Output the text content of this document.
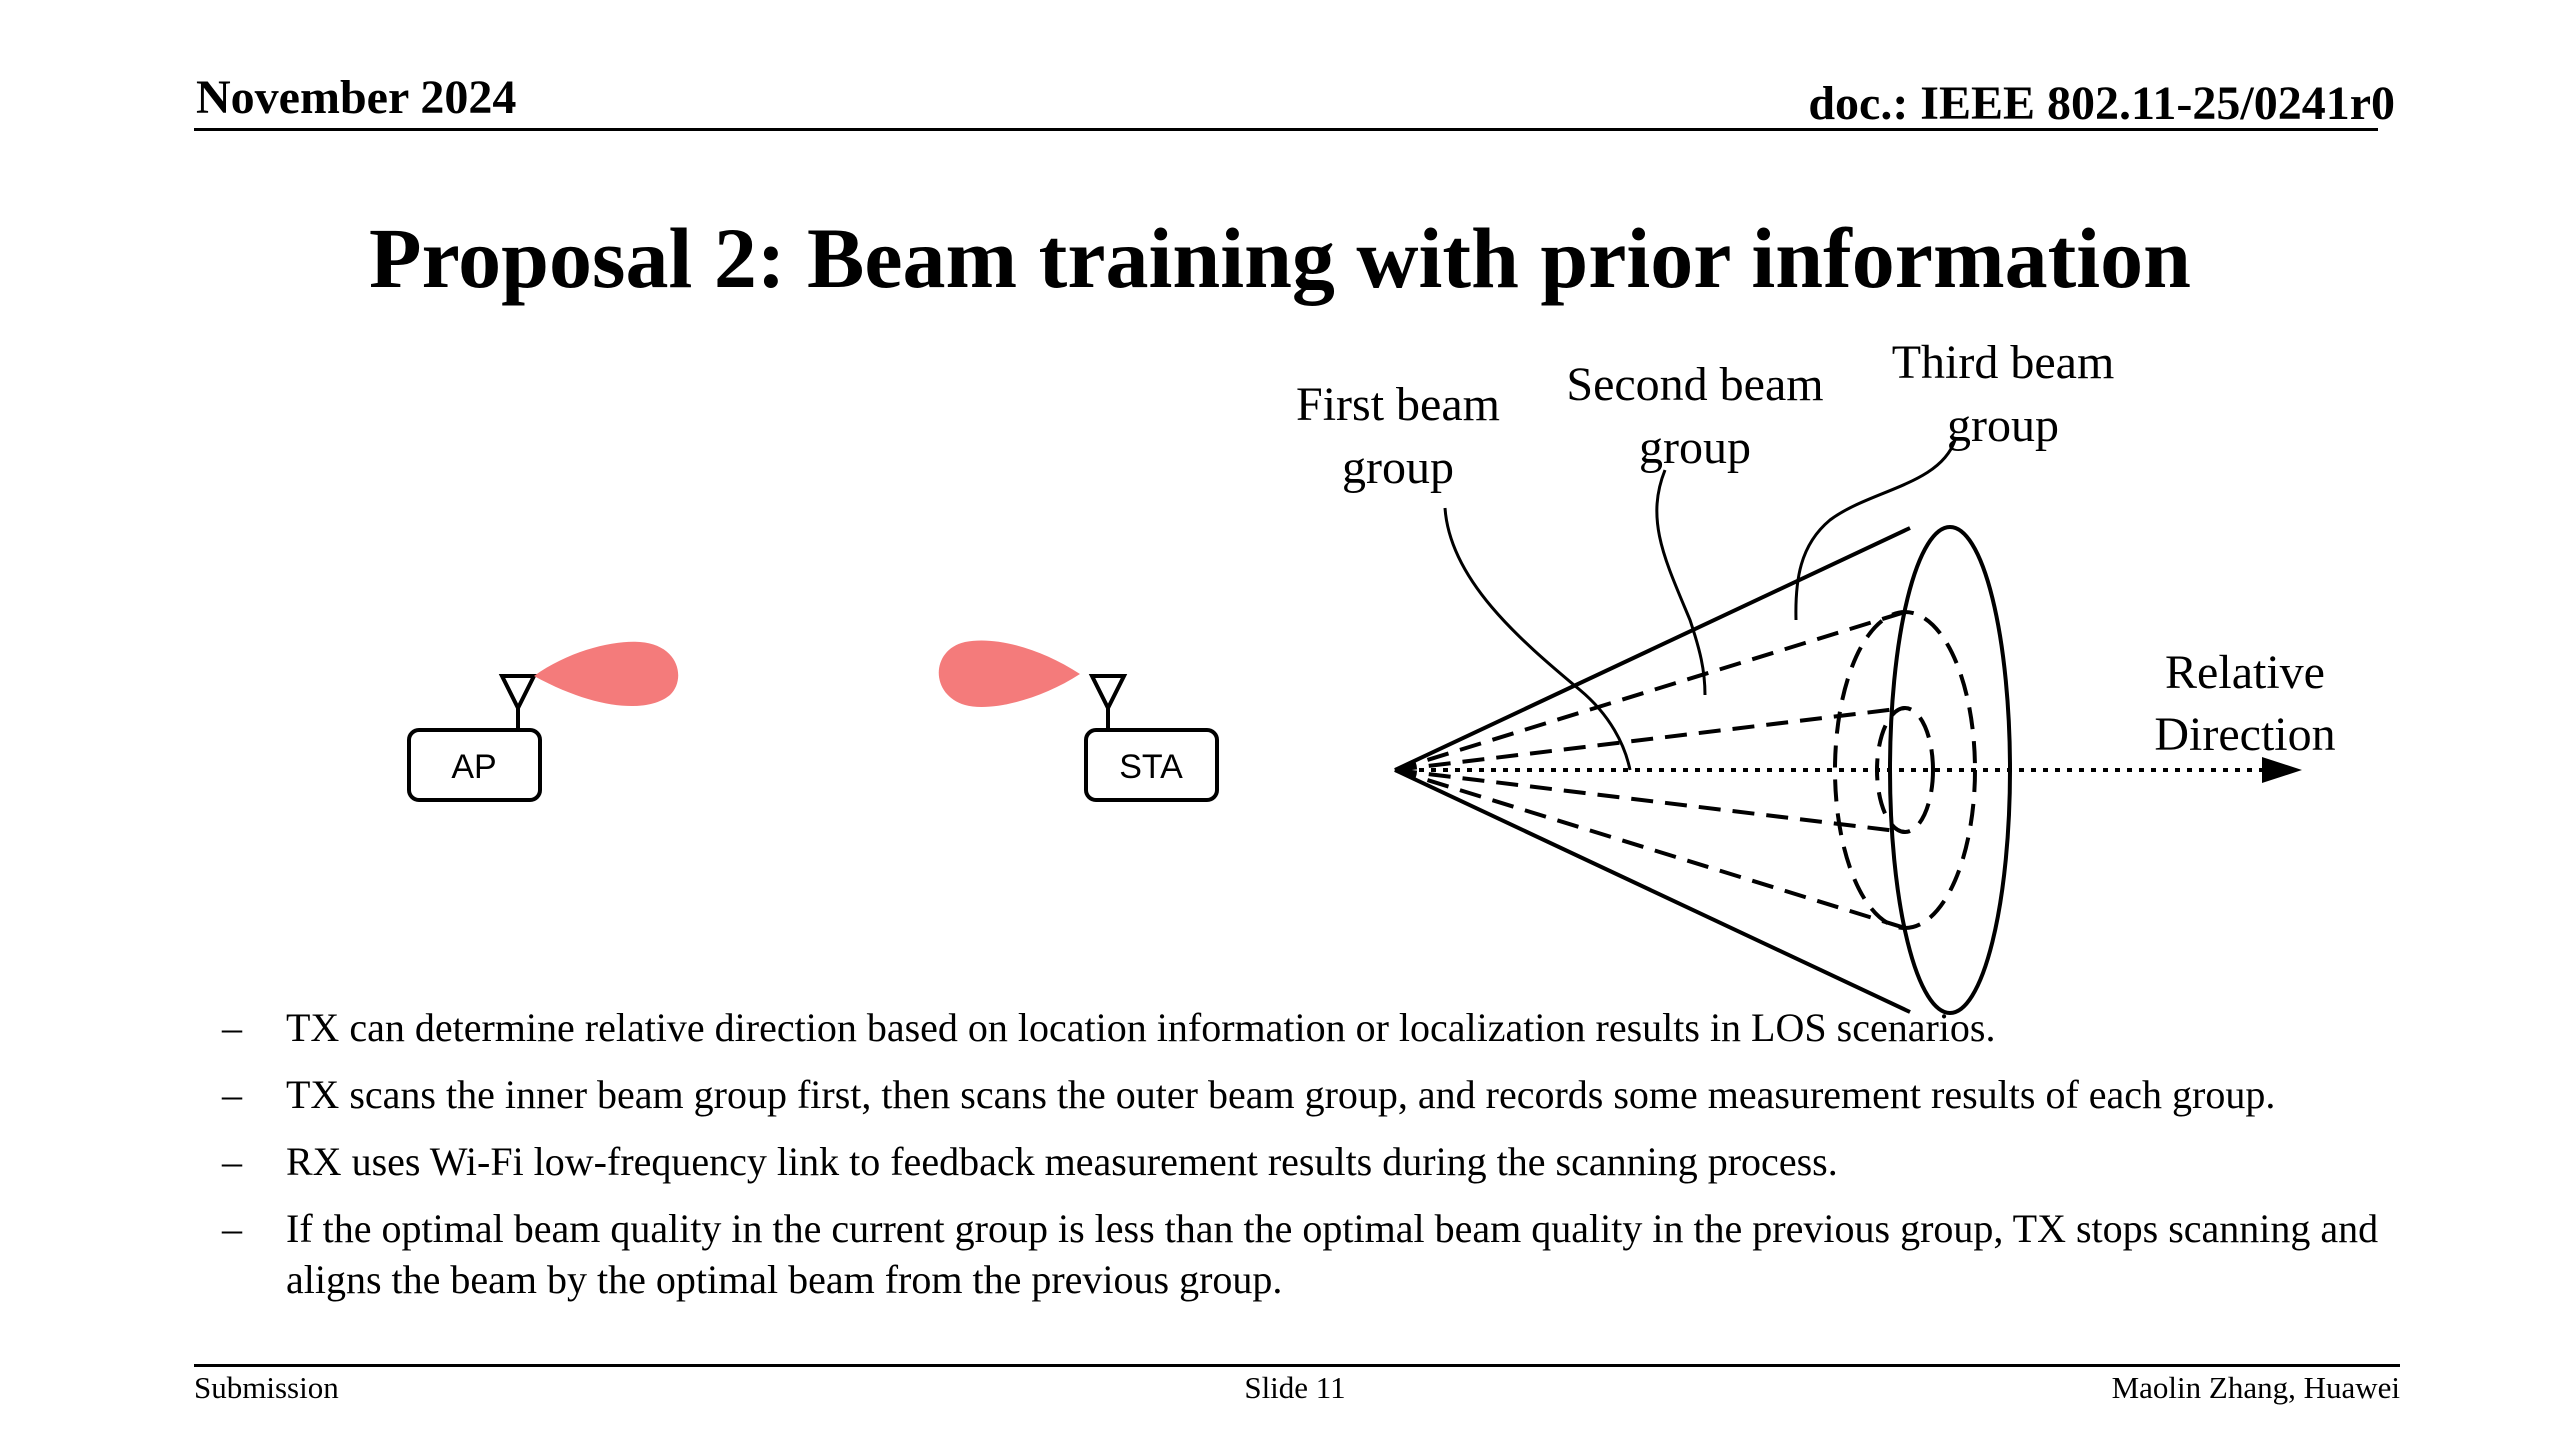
November 2024	doc.: IEEE 802.11-25/0241r0
Proposal 2: Beam training with prior information
AP	STA
First beam
group
Second beam
group
Third beam
group
Relative
Direction
– TX can determine relative direction based on location information or localization results in LOS scenarios.
– TX scans the inner beam group first, then scans the outer beam group, and records some measurement results of each group.
– RX uses Wi-Fi low-frequency link to feedback measurement results during the scanning process.
– If the optimal beam quality in the current group is less than the optimal beam quality in the previous group, TX stops scanning and aligns the beam by the optimal beam from the previous group.
Submission	Slide 11	Maolin Zhang, Huawei
